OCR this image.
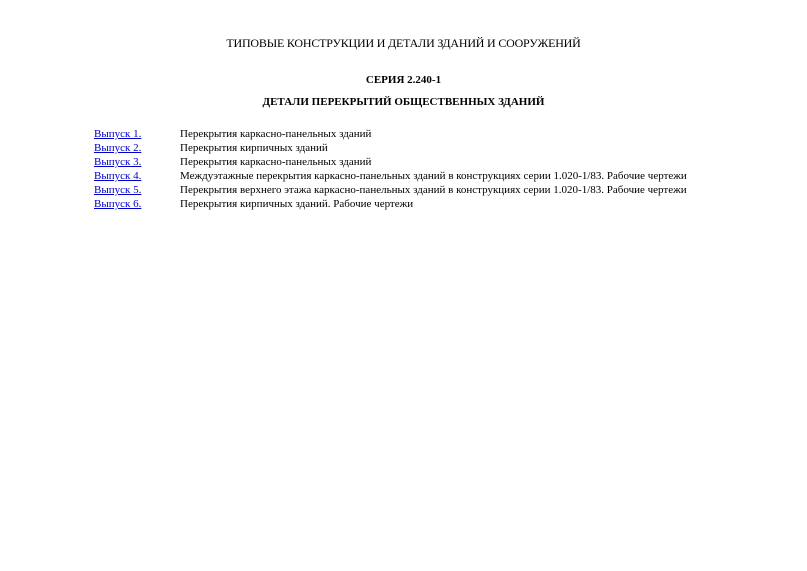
ТИПОВЫЕ КОНСТРУКЦИИ И ДЕТАЛИ ЗДАНИЙ И СООРУЖЕНИЙ
СЕРИЯ 2.240-1
ДЕТАЛИ ПЕРЕКРЫТИЙ ОБЩЕСТВЕННЫХ ЗДАНИЙ
Выпуск 1.	Перекрытия каркасно-панельных зданий
Выпуск 2.	Перекрытия кирпичных зданий
Выпуск 3.	Перекрытия каркасно-панельных зданий
Выпуск 4.	Междуэтажные перекрытия каркасно-панельных зданий в конструкциях серии 1.020-1/83. Рабочие чертежи
Выпуск 5.	Перекрытия верхнего этажа каркасно-панельных зданий в конструкциях серии 1.020-1/83. Рабочие чертежи
Выпуск 6.	Перекрытия кирпичных зданий. Рабочие чертежи
